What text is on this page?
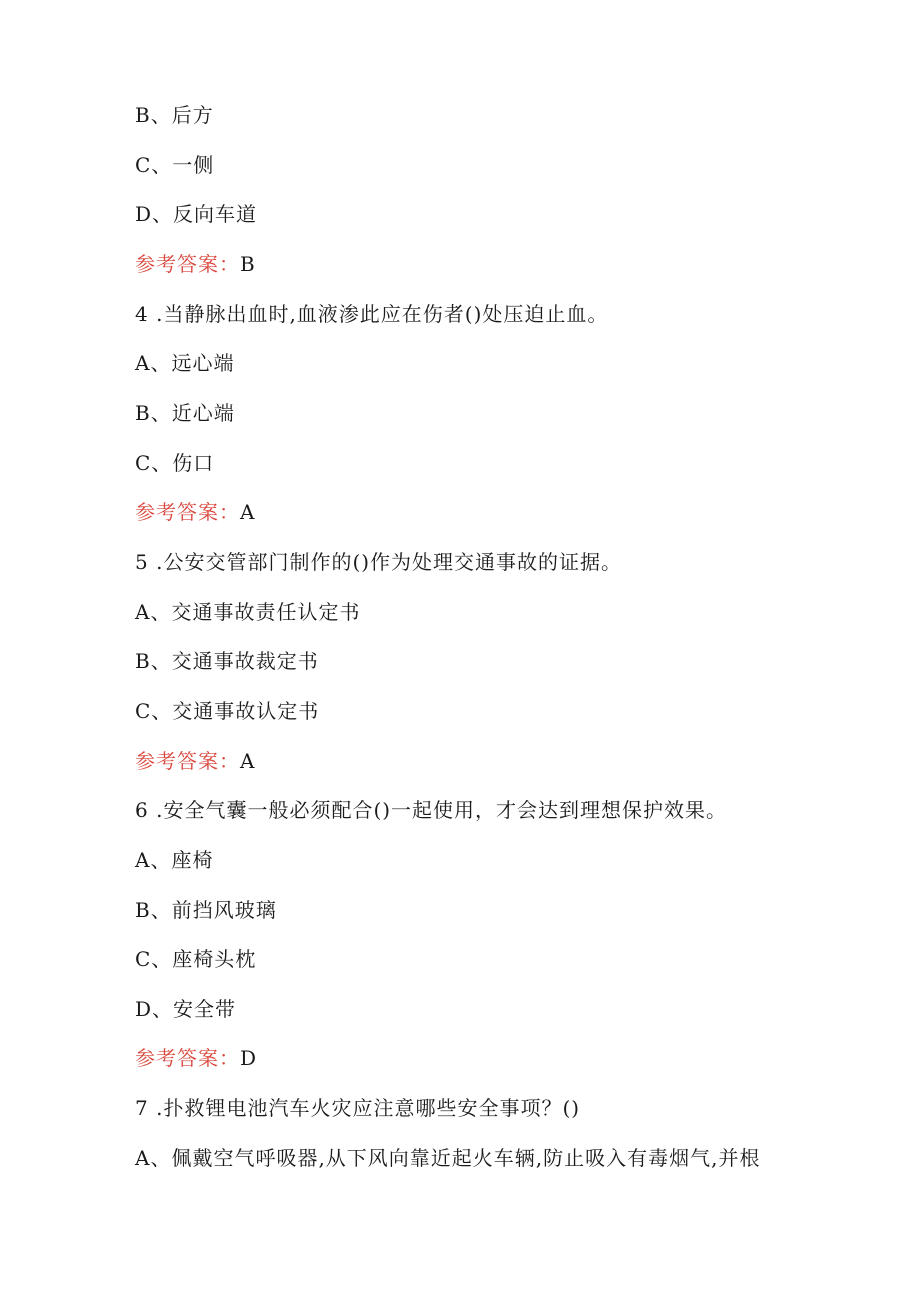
B、后方
C、一侧
D、反向车道
参考答案：B
4 .当静脉出血时,血液渗此应在伤者()处压迫止血。
A、远心端
B、近心端
C、伤口
参考答案：A
5 .公安交管部门制作的()作为处理交通事故的证据。
A、交通事故责任认定书
B、交通事故裁定书
C、交通事故认定书
参考答案：A
6 .安全气囊一般必须配合()一起使用，才会达到理想保护效果。
A、座椅
B、前挡风玻璃
C、座椅头枕
D、安全带
参考答案：D
7 .扑救锂电池汽车火灾应注意哪些安全事项？()
A、佩戴空气呼吸器,从下风向靠近起火车辆,防止吸入有毒烟气,并根
